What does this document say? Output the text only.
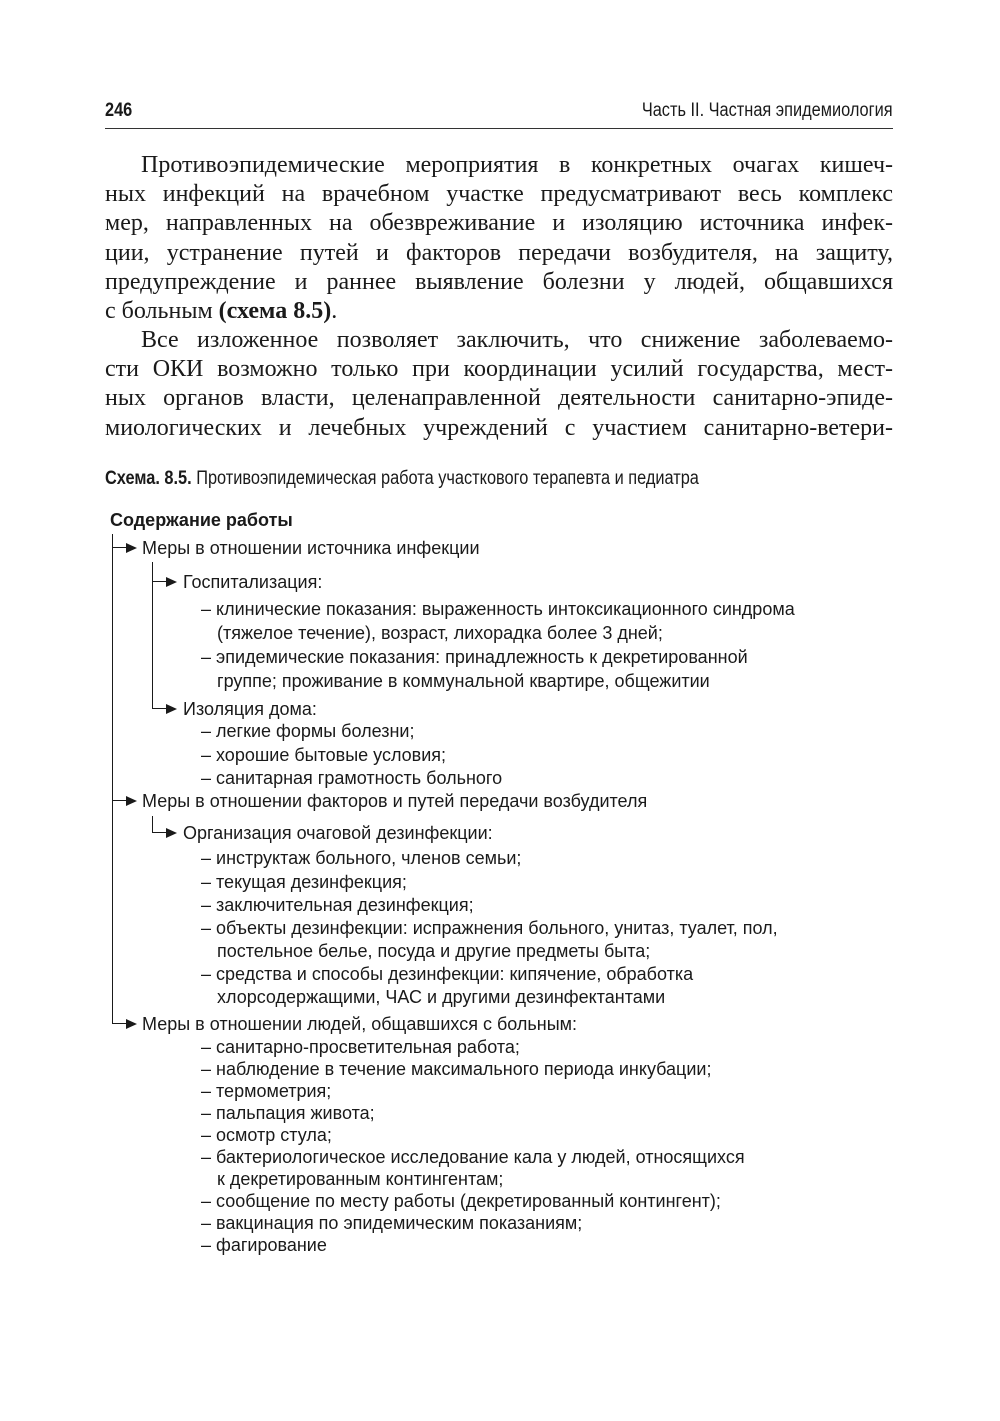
246	Часть II. Частная эпидемиология
Противоэпидемические мероприятия в конкретных очагах кишеч-
ных инфекций на врачебном участке предусматривают весь комплекс
мер, направленных на обезвреживание и изоляцию источника инфек-
ции, устранение путей и факторов передачи возбудителя, на защиту,
предупреждение и раннее выявление болезни у людей, общавшихся
с больным (схема 8.5).
Все изложенное позволяет заключить, что снижение заболеваемо-
сти ОКИ возможно только при координации усилий государства, мест-
ных органов власти, целенаправленной деятельности санитарно-эпиде-
миологических и лечебных учреждений с участием санитарно-ветери-
Схема. 8.5. Противоэпидемическая работа участкового терапевта и педиатра
Содержание работы
Меры в отношении источника инфекции
Госпитализация:
– клинические показания: выраженность интоксикационного синдрома
(тяжелое течение), возраст, лихорадка более 3 дней;
– эпидемические показания: принадлежность к декретированной
группе; проживание в коммунальной квартире, общежитии
Изоляция дома:
– легкие формы болезни;
– хорошие бытовые условия;
– санитарная грамотность больного
Меры в отношении факторов и путей передачи возбудителя
Организация очаговой дезинфекции:
– инструктаж больного, членов семьи;
– текущая дезинфекция;
– заключительная дезинфекция;
– объекты дезинфекции: испражнения больного, унитаз, туалет, пол,
постельное белье, посуда и другие предметы быта;
– средства и способы дезинфекции: кипячение, обработка
хлорсодержащими, ЧАС и другими дезинфектантами
Меры в отношении людей, общавшихся с больным:
– санитарно-просветительная работа;
– наблюдение в течение максимального периода инкубации;
– термометрия;
– пальпация живота;
– осмотр стула;
– бактериологическое исследование кала у людей, относящихся
к декретированным контингентам;
– сообщение по месту работы (декретированный контингент);
– вакцинация по эпидемическим показаниям;
– фагирование
